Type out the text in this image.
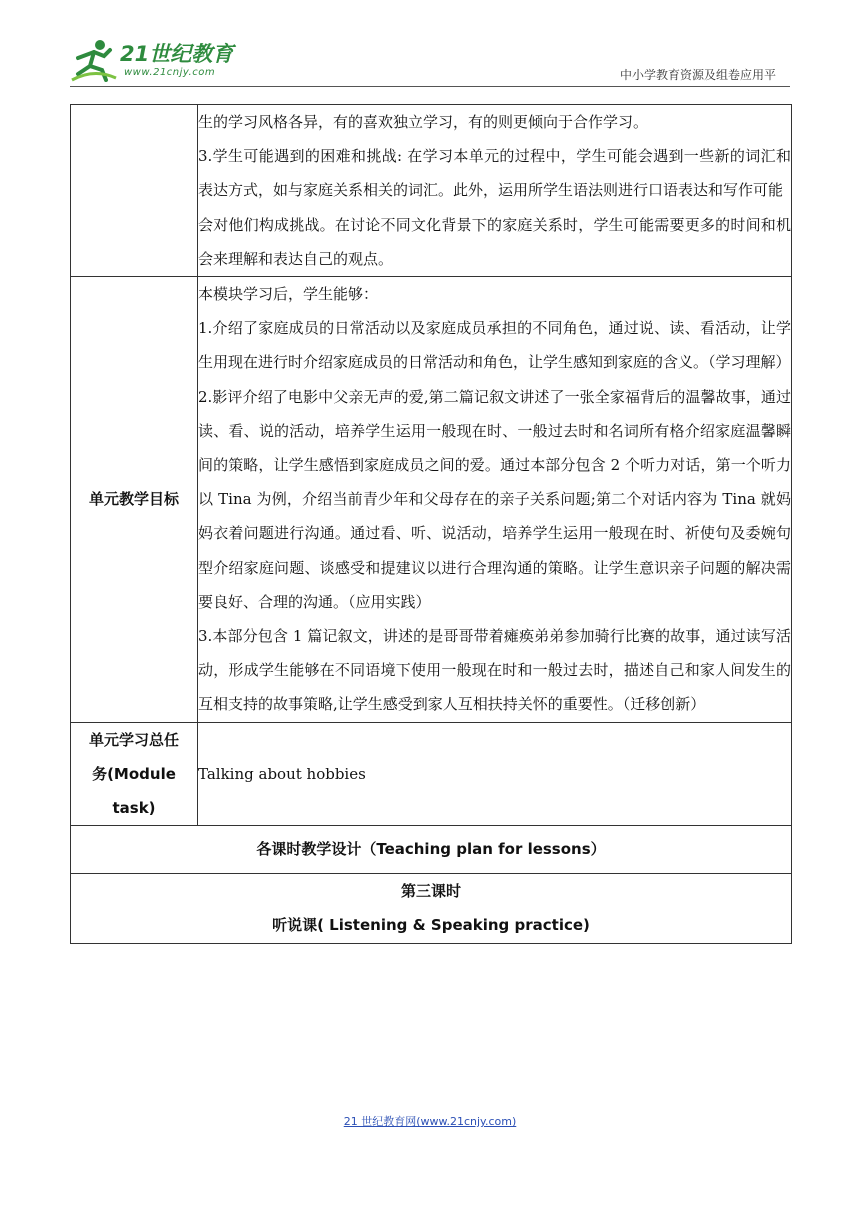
21世纪教育
www.21cnjy.com	中小学教育资源及组卷应用平

	生的学习风格各异，有的喜欢独立学习，有的则更倾向于合作学习。

3.学生可能遇到的困难和挑战: 在学习本单元的过程中，学生可能会遇到一些新的词汇和表达方式，如与家庭关系相关的词汇。此外，运用所学生语法则进行口语表达和写作可能

会对他们构成挑战。在讨论不同文化背景下的家庭关系时，学生可能需要更多的时间和机会来理解和表达自己的观点。

单元教学目标	本模块学习后，学生能够：

1.介绍了家庭成员的日常活动以及家庭成员承担的不同角色，通过说、读、看活动，让学生用现在进行时介绍家庭成员的日常活动和角色，让学生感知到家庭的含义。（学习理解）

2.影评介绍了电影中父亲无声的爱,第二篇记叙文讲述了一张全家福背后的温馨故事，通过读、看、说的活动，培养学生运用一般现在时、一般过去时和名词所有格介绍家庭温馨瞬间的策略，让学生感悟到家庭成员之间的爱。通过本部分包含 2 个听力对话，第一个听力以 Tina 为例，介绍当前青少年和父母存在的亲子关系问题;第二个对话内容为 Tina 就妈妈衣着问题进行沟通。通过看、听、说活动，培养学生运用一般现在时、祈使句及委婉句型介绍家庭问题、谈感受和提建议以进行合理沟通的策略。让学生意识亲子问题的解决需要良好、合理的沟通。（应用实践）

3.本部分包含 1 篇记叙文，讲述的是哥哥带着瘫痪弟弟参加骑行比赛的故事，通过读写活动，形成学生能够在不同语境下使用一般现在时和一般过去时，描述自己和家人间发生的互相支持的故事策略,让学生感受到家人互相扶持关怀的重要性。（迁移创新）

单元学习总任
务(Module
task)	Talking about hobbies
各课时教学设计（Teaching plan for lessons）	

第三课时
听说课( Listening & Speaking practice)	
21 世纪教育网(www.21cnjy.com)
